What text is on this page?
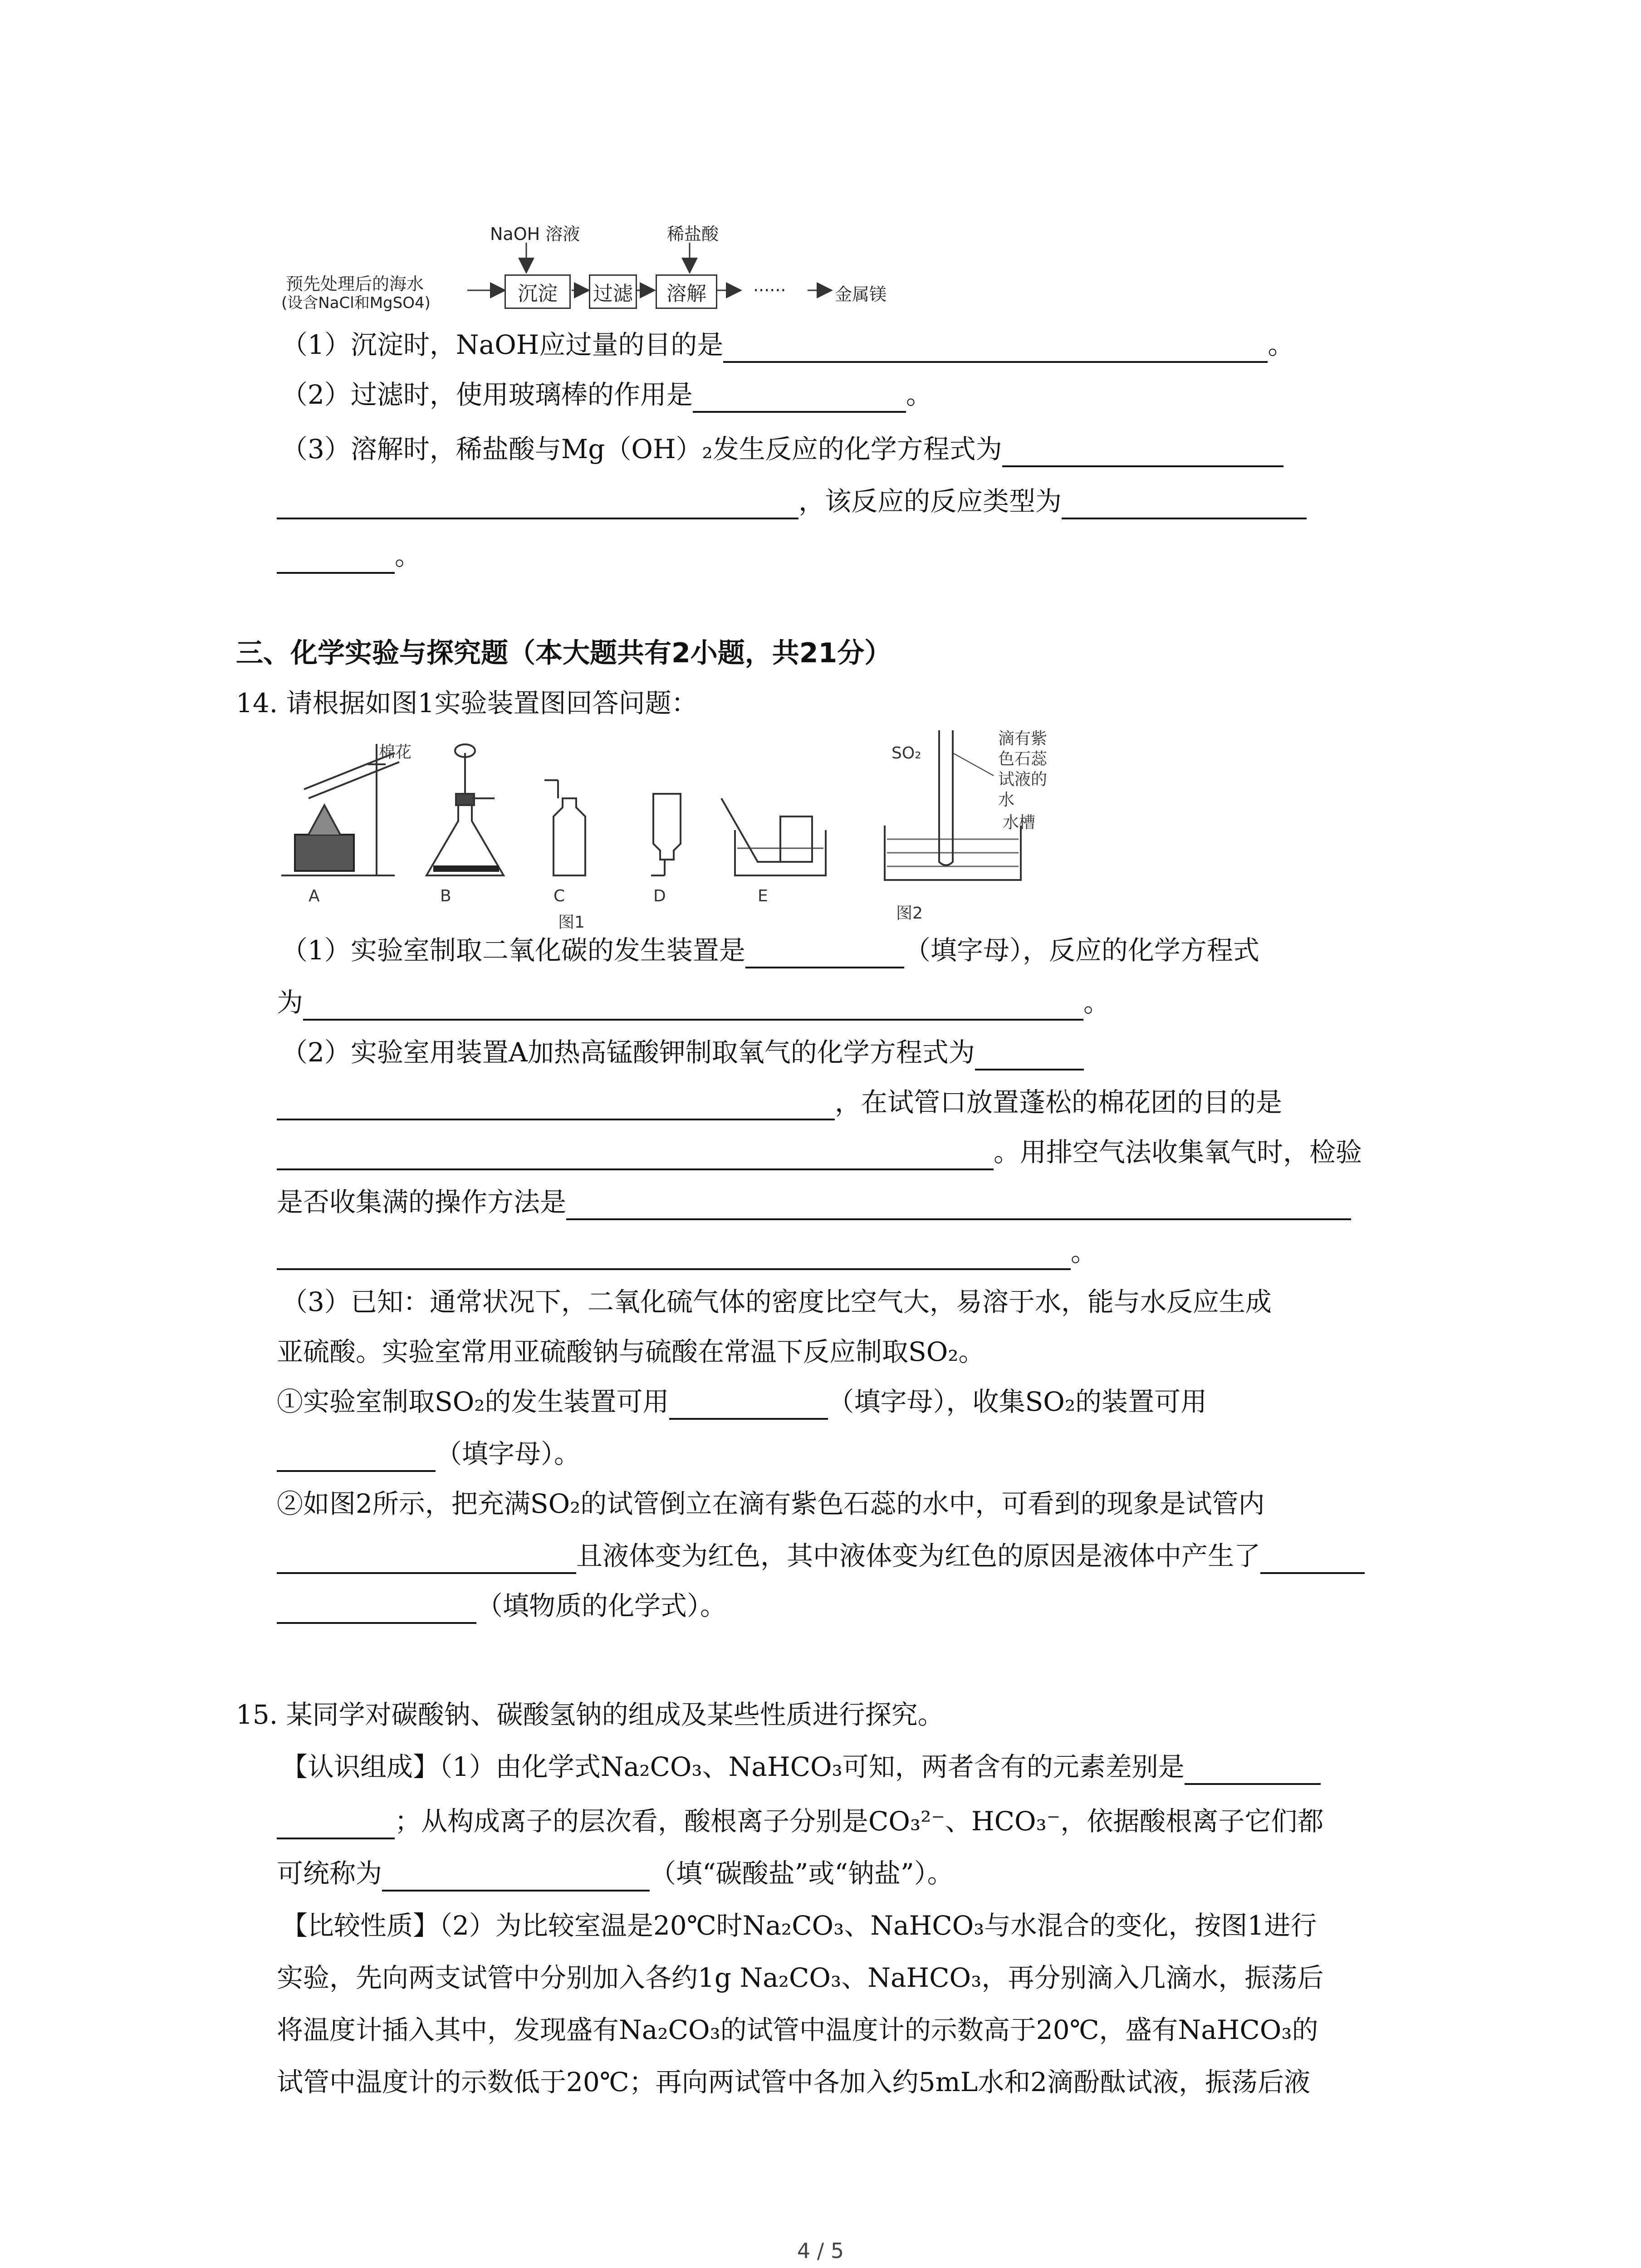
预先处理后的海水
(设含NaCl和MgSO4)
NaOH 溶液	稀盐酸
沉淀	过滤	溶解	······	金属镁
（1）沉淀时，NaOH应过量的目的是	。
（2）过滤时，使用玻璃棒的作用是	。
（3）溶解时，稀盐酸与Mg（OH）₂发生反应的化学方程式为
，该反应的反应类型为
。
三、化学实验与探究题（本大题共有2小题，共21分）
14. 请根据如图1实验装置图回答问题：
棉花
A	B	C	D	E
图1	图2
SO₂
滴有紫
色石蕊
试液的
水
水槽
（1）实验室制取二氧化碳的发生装置是	（填字母），反应的化学方程式
为	。
（2）实验室用装置A加热高锰酸钾制取氧气的化学方程式为
，在试管口放置蓬松的棉花团的目的是
。用排空气法收集氧气时，检验
是否收集满的操作方法是
。
（3）已知：通常状况下，二氧化硫气体的密度比空气大，易溶于水，能与水反应生成
亚硫酸。实验室常用亚硫酸钠与硫酸在常温下反应制取SO₂。
①实验室制取SO₂的发生装置可用	（填字母），收集SO₂的装置可用
（填字母）。
②如图2所示，把充满SO₂的试管倒立在滴有紫色石蕊的水中，可看到的现象是试管内
且液体变为红色，其中液体变为红色的原因是液体中产生了
（填物质的化学式）。
15. 某同学对碳酸钠、碳酸氢钠的组成及某些性质进行探究。
【认识组成】（1）由化学式Na₂CO₃、NaHCO₃可知，两者含有的元素差别是
；从构成离子的层次看，酸根离子分别是CO₃²⁻、HCO₃⁻，依据酸根离子它们都
可统称为	（填“碳酸盐”或“钠盐”）。
【比较性质】（2）为比较室温是20℃时Na₂CO₃、NaHCO₃与水混合的变化，按图1进行
实验，先向两支试管中分别加入各约1g Na₂CO₃、NaHCO₃，再分别滴入几滴水，振荡后
将温度计插入其中，发现盛有Na₂CO₃的试管中温度计的示数高于20℃，盛有NaHCO₃的
试管中温度计的示数低于20℃；再向两试管中各加入约5mL水和2滴酚酞试液，振荡后液
4 / 5
